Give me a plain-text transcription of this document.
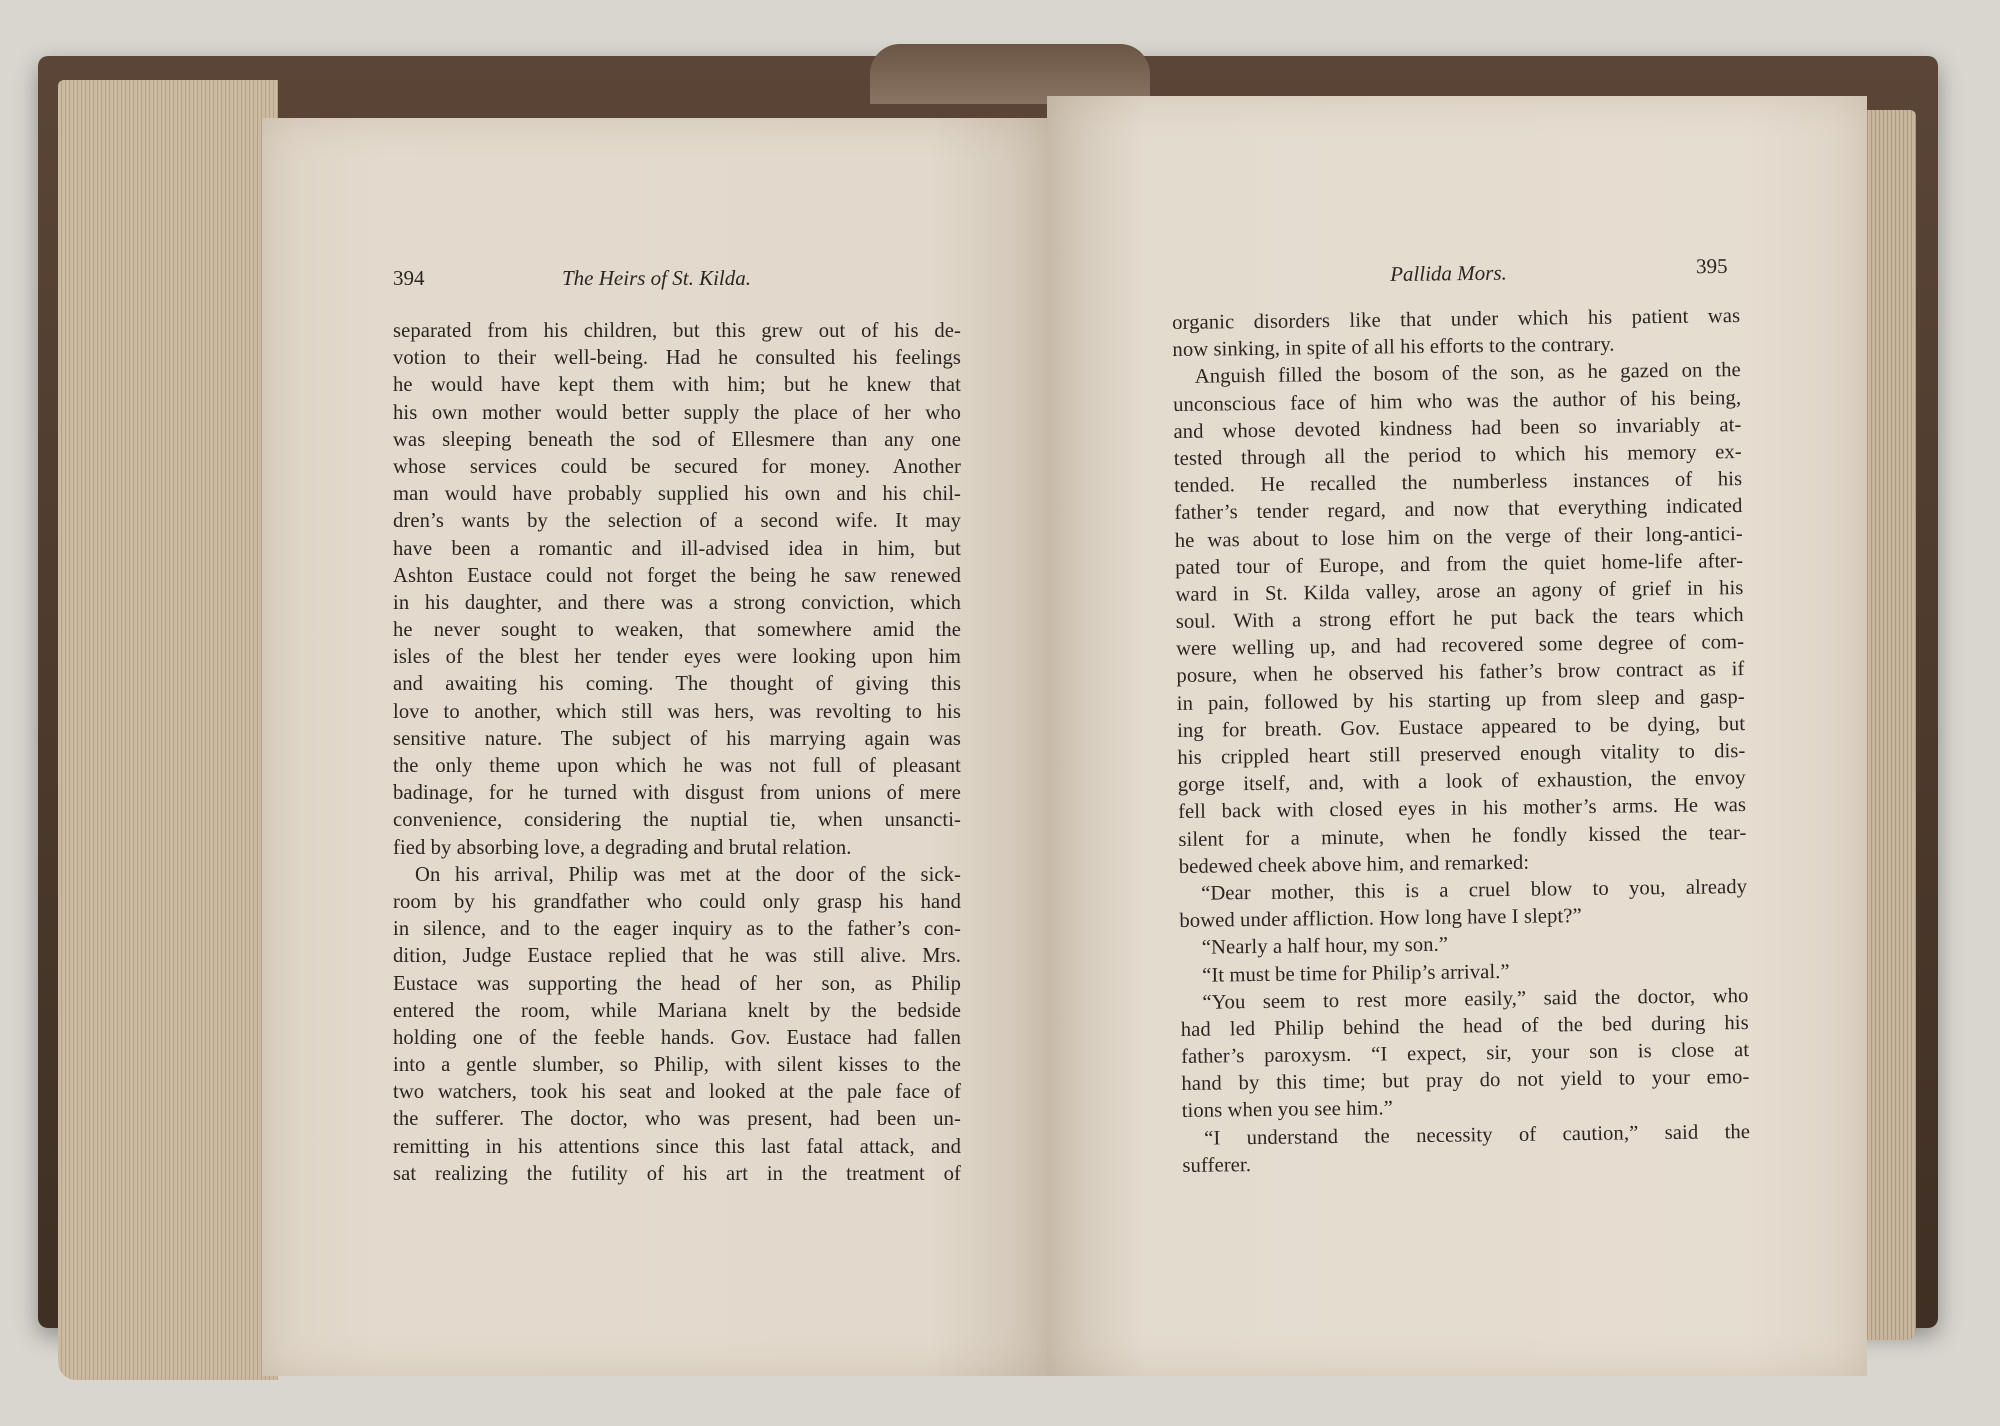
394	The Heirs of St. Kilda.
separated from his children, but this grew out of his de-
votion to their well-being. Had he consulted his feelings
he would have kept them with him; but he knew that
his own mother would better supply the place of her who
was sleeping beneath the sod of Ellesmere than any one
whose services could be secured for money. Another
man would have probably supplied his own and his chil-
dren’s wants by the selection of a second wife. It may
have been a romantic and ill-advised idea in him, but
Ashton Eustace could not forget the being he saw renewed
in his daughter, and there was a strong conviction, which
he never sought to weaken, that somewhere amid the
isles of the blest her tender eyes were looking upon him
and awaiting his coming. The thought of giving this
love to another, which still was hers, was revolting to his
sensitive nature. The subject of his marrying again was
the only theme upon which he was not full of pleasant
badinage, for he turned with disgust from unions of mere
convenience, considering the nuptial tie, when unsancti-
fied by absorbing love, a degrading and brutal relation.
On his arrival, Philip was met at the door of the sick-
room by his grandfather who could only grasp his hand
in silence, and to the eager inquiry as to the father’s con-
dition, Judge Eustace replied that he was still alive. Mrs.
Eustace was supporting the head of her son, as Philip
entered the room, while Mariana knelt by the bedside
holding one of the feeble hands. Gov. Eustace had fallen
into a gentle slumber, so Philip, with silent kisses to the
two watchers, took his seat and looked at the pale face of
the sufferer. The doctor, who was present, had been un-
remitting in his attentions since this last fatal attack, and
sat realizing the futility of his art in the treatment of
Pallida Mors.	395
organic disorders like that under which his patient was
now sinking, in spite of all his efforts to the contrary.
Anguish filled the bosom of the son, as he gazed on the
unconscious face of him who was the author of his being,
and whose devoted kindness had been so invariably at-
tested through all the period to which his memory ex-
tended. He recalled the numberless instances of his
father’s tender regard, and now that everything indicated
he was about to lose him on the verge of their long-antici-
pated tour of Europe, and from the quiet home-life after-
ward in St. Kilda valley, arose an agony of grief in his
soul. With a strong effort he put back the tears which
were welling up, and had recovered some degree of com-
posure, when he observed his father’s brow contract as if
in pain, followed by his starting up from sleep and gasp-
ing for breath. Gov. Eustace appeared to be dying, but
his crippled heart still preserved enough vitality to dis-
gorge itself, and, with a look of exhaustion, the envoy
fell back with closed eyes in his mother’s arms. He was
silent for a minute, when he fondly kissed the tear-
bedewed cheek above him, and remarked:
“Dear mother, this is a cruel blow to you, already
bowed under affliction. How long have I slept?”
“Nearly a half hour, my son.”
“It must be time for Philip’s arrival.”
“You seem to rest more easily,” said the doctor, who
had led Philip behind the head of the bed during his
father’s paroxysm. “I expect, sir, your son is close at
hand by this time; but pray do not yield to your emo-
tions when you see him.”
“I understand the necessity of caution,” said the
sufferer.
